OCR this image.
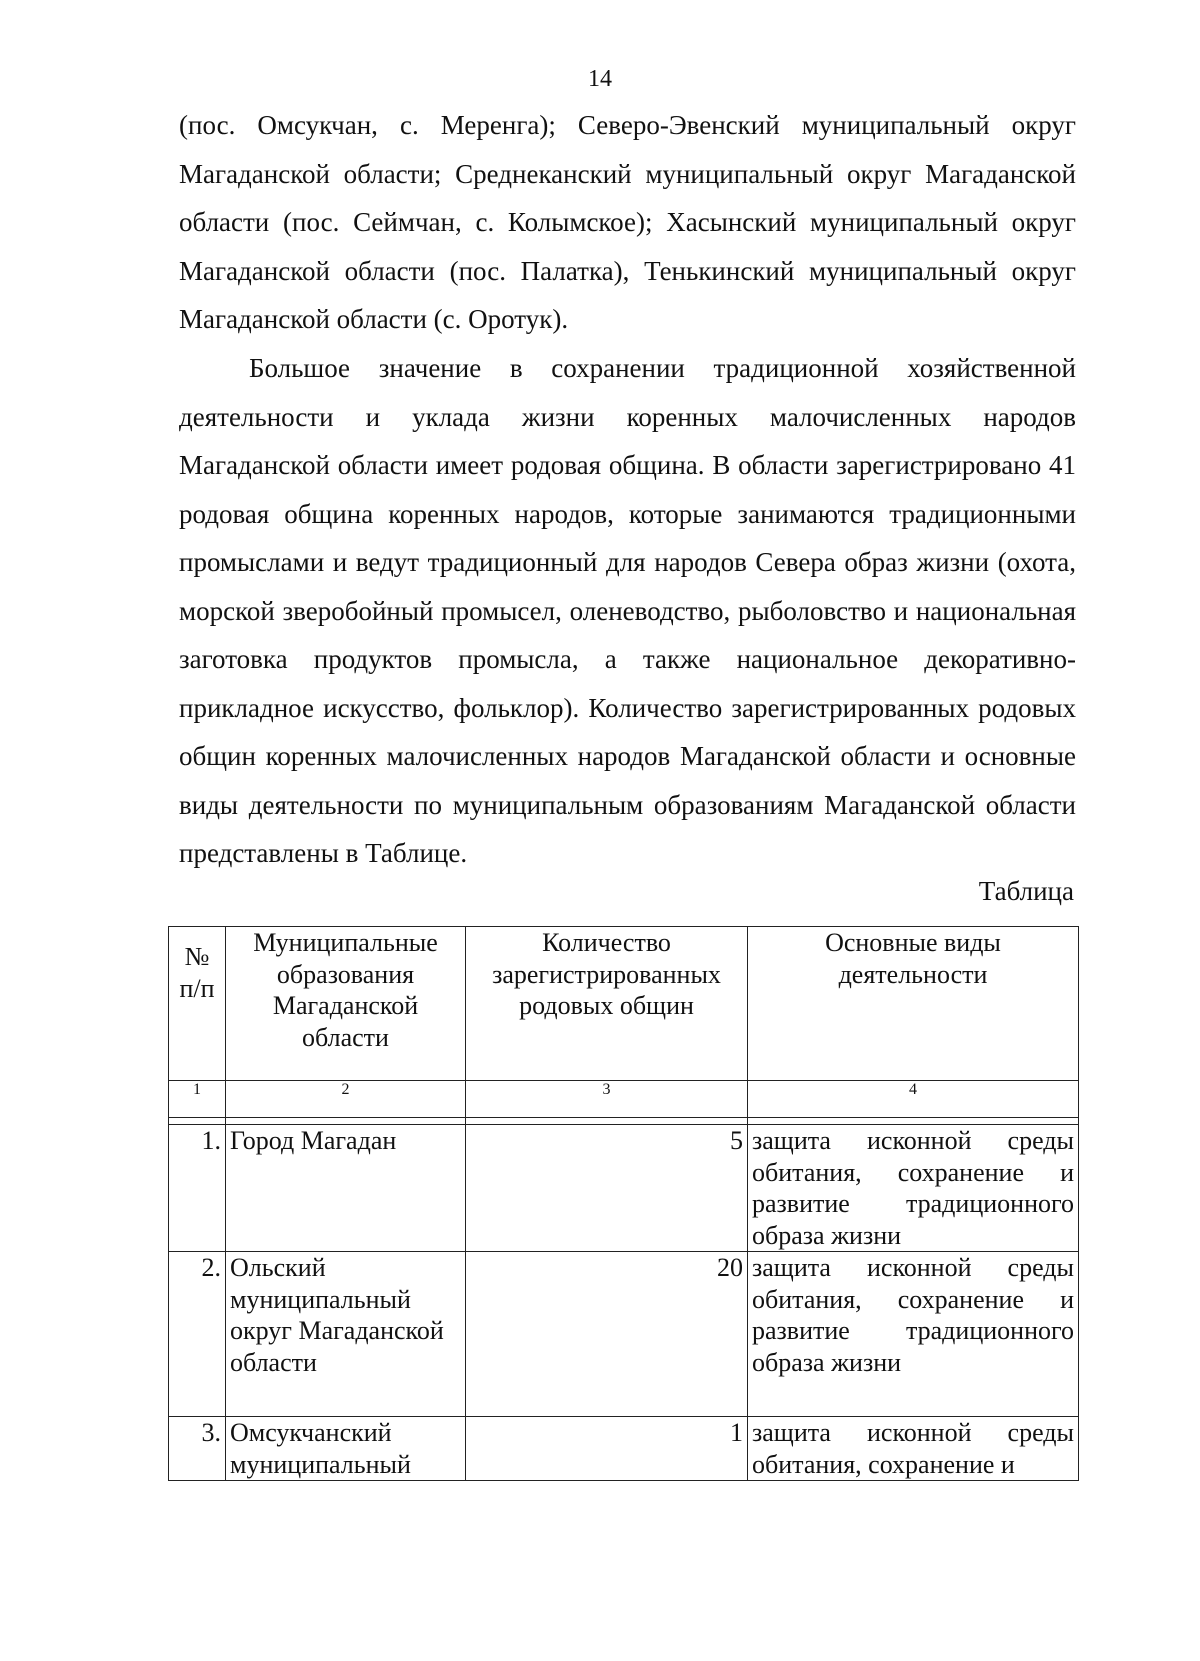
14

(пос. Омсукчан, с. Меренга); Северо-Эвенский муниципальный округ Магаданской области; Среднеканский муниципальный округ Магаданской области (пос. Сеймчан, с. Колымское); Хасынский муниципальный округ Магаданской области (пос. Палатка), Тенькинский муниципальный округ Магаданской области (с. Оротук).

Большое значение в сохранении традиционной хозяйственной деятельности и уклада жизни коренных малочисленных народов Магаданской области имеет родовая община. В области зарегистрировано 41 родовая община коренных народов, которые занимаются традиционными промыслами и ведут традиционный для народов Севера образ жизни (охота, морской зверобойный промысел, оленеводство, рыболовство и национальная заготовка продуктов промысла, а также национальное декоративно-прикладное искусство, фольклор). Количество зарегистрированных родовых общин коренных малочисленных народов Магаданской области и основные виды деятельности по муниципальным образованиям Магаданской области представлены в Таблице.

Таблица
№ п/п	Муниципальные образования Магаданской области	Количество зарегистрированных родовых общин	Основные виды деятельности
1	2	3	4

1.	Город Магадан	5	защита исконной среды обитания, сохранение и развитие традиционного образа жизни
2.	Ольский муниципальный округ Магаданской области	20	защита исконной среды обитания, сохранение и развитие традиционного образа жизни
3.	Омсукчанский муниципальный	1	защита исконной среды обитания, сохранение и
